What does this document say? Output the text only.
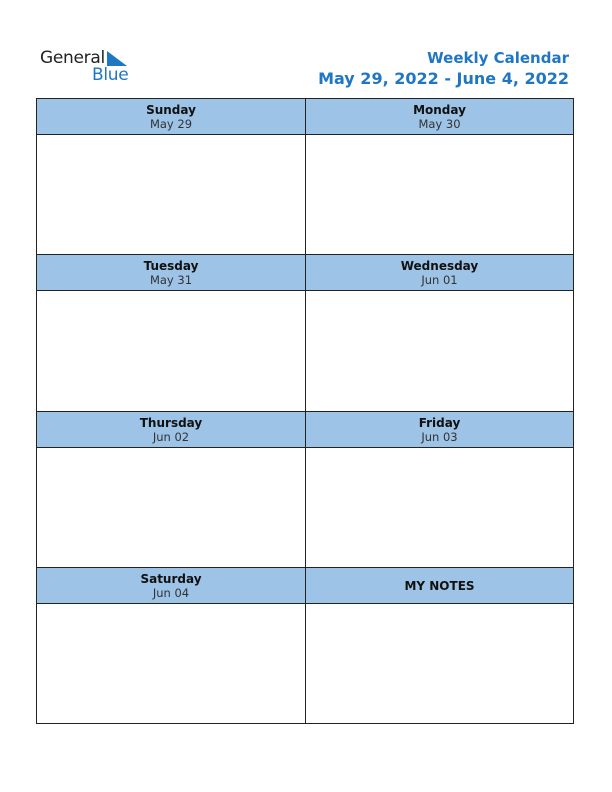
General
Blue
Weekly Calendar
May 29, 2022 - June 4, 2022
Sunday
May 29
Monday
May 30
Tuesday
May 31
Wednesday
Jun 01
Thursday
Jun 02
Friday
Jun 03
Saturday
Jun 04	MY NOTES
